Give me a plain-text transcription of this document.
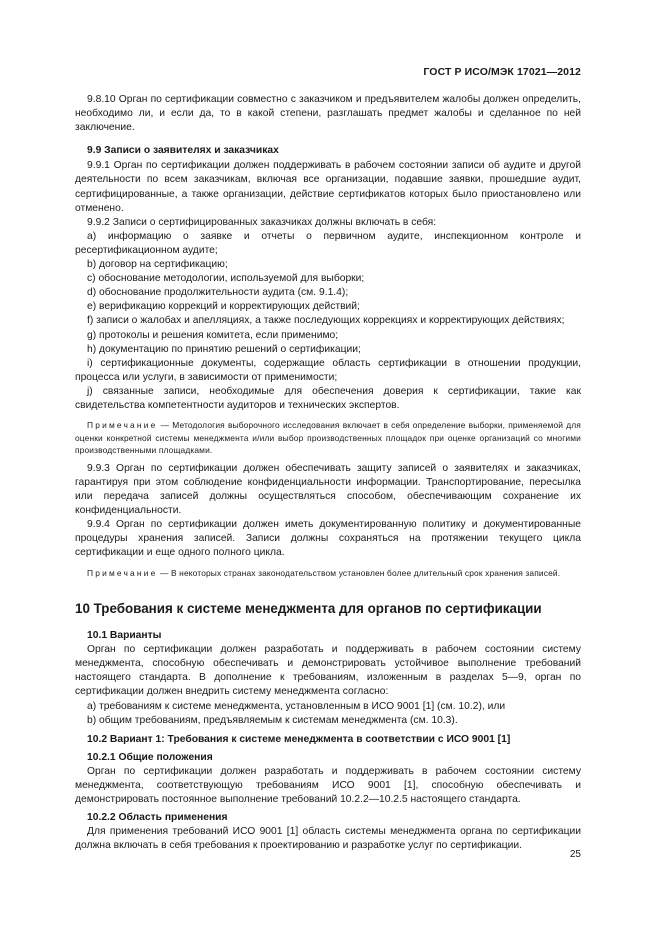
ГОСТ Р ИСО/МЭК 17021—2012

9.8.10 Орган по сертификации совместно с заказчиком и предъявителем жалобы должен определить, необходимо ли, и если да, то в какой степени, разглашать предмет жалобы и сделанное по ней заключение.

9.9 Записи о заявителях и заказчиках

9.9.1 Орган по сертификации должен поддерживать в рабочем состоянии записи об аудите и другой деятельности по всем заказчикам, включая все организации, подавшие заявки, прошедшие аудит, сертифицированные, а также организации, действие сертификатов которых было приостановлено или отменено.

9.9.2 Записи о сертифицированных заказчиках должны включать в себя:

a) информацию о заявке и отчеты о первичном аудите, инспекционном контроле и ресертификационном аудите;

b) договор на сертификацию;

c) обоснование методологии, используемой для выборки;

d) обоснование продолжительности аудита (см. 9.1.4);

e) верификацию коррекций и корректирующих действий;

f) записи о жалобах и апелляциях, а также последующих коррекциях и корректирующих действиях;

g) протоколы и решения комитета, если применимо;

h) документацию по принятию решений о сертификации;

i) сертификационные документы, содержащие область сертификации в отношении продукции, процесса или услуги, в зависимости от применимости;

j) связанные записи, необходимые для обеспечения доверия к сертификации, такие как свидетельства компетентности аудиторов и технических экспертов.

Примечание — Методология выборочного исследования включает в себя определение выборки, применяемой для оценки конкретной системы менеджмента и/или выбор производственных площадок при оценке организаций со многими производственными площадками.

9.9.3 Орган по сертификации должен обеспечивать защиту записей о заявителях и заказчиках, гарантируя при этом соблюдение конфиденциальности информации. Транспортирование, пересылка или передача записей должны осуществляться способом, обеспечивающим сохранение их конфиденциальности.

9.9.4 Орган по сертификации должен иметь документированную политику и документированные процедуры хранения записей. Записи должны сохраняться на протяжении текущего цикла сертификации и еще одного полного цикла.

Примечание — В некоторых странах законодательством установлен более длительный срок хранения записей.

10 Требования к системе менеджмента для органов по сертификации

10.1 Варианты

Орган по сертификации должен разработать и поддерживать в рабочем состоянии систему менеджмента, способную обеспечивать и демонстрировать устойчивое выполнение требований настоящего стандарта. В дополнение к требованиям, изложенным в разделах 5—9, орган по сертификации должен внедрить систему менеджмента согласно:

a) требованиям к системе менеджмента, установленным в ИСО 9001 [1] (см. 10.2), или

b) общим требованиям, предъявляемым к системам менеджмента (см. 10.3).

10.2 Вариант 1: Требования к системе менеджмента в соответствии с ИСО 9001 [1]

10.2.1 Общие положения

Орган по сертификации должен разработать и поддерживать в рабочем состоянии систему менеджмента, соответствующую требованиям ИСО 9001 [1], способную обеспечивать и демонстрировать постоянное выполнение требований 10.2.2—10.2.5 настоящего стандарта.

10.2.2 Область применения

Для применения требований ИСО 9001 [1] область системы менеджмента органа по сертификации должна включать в себя требования к проектированию и разработке услуг по сертификации.

25
